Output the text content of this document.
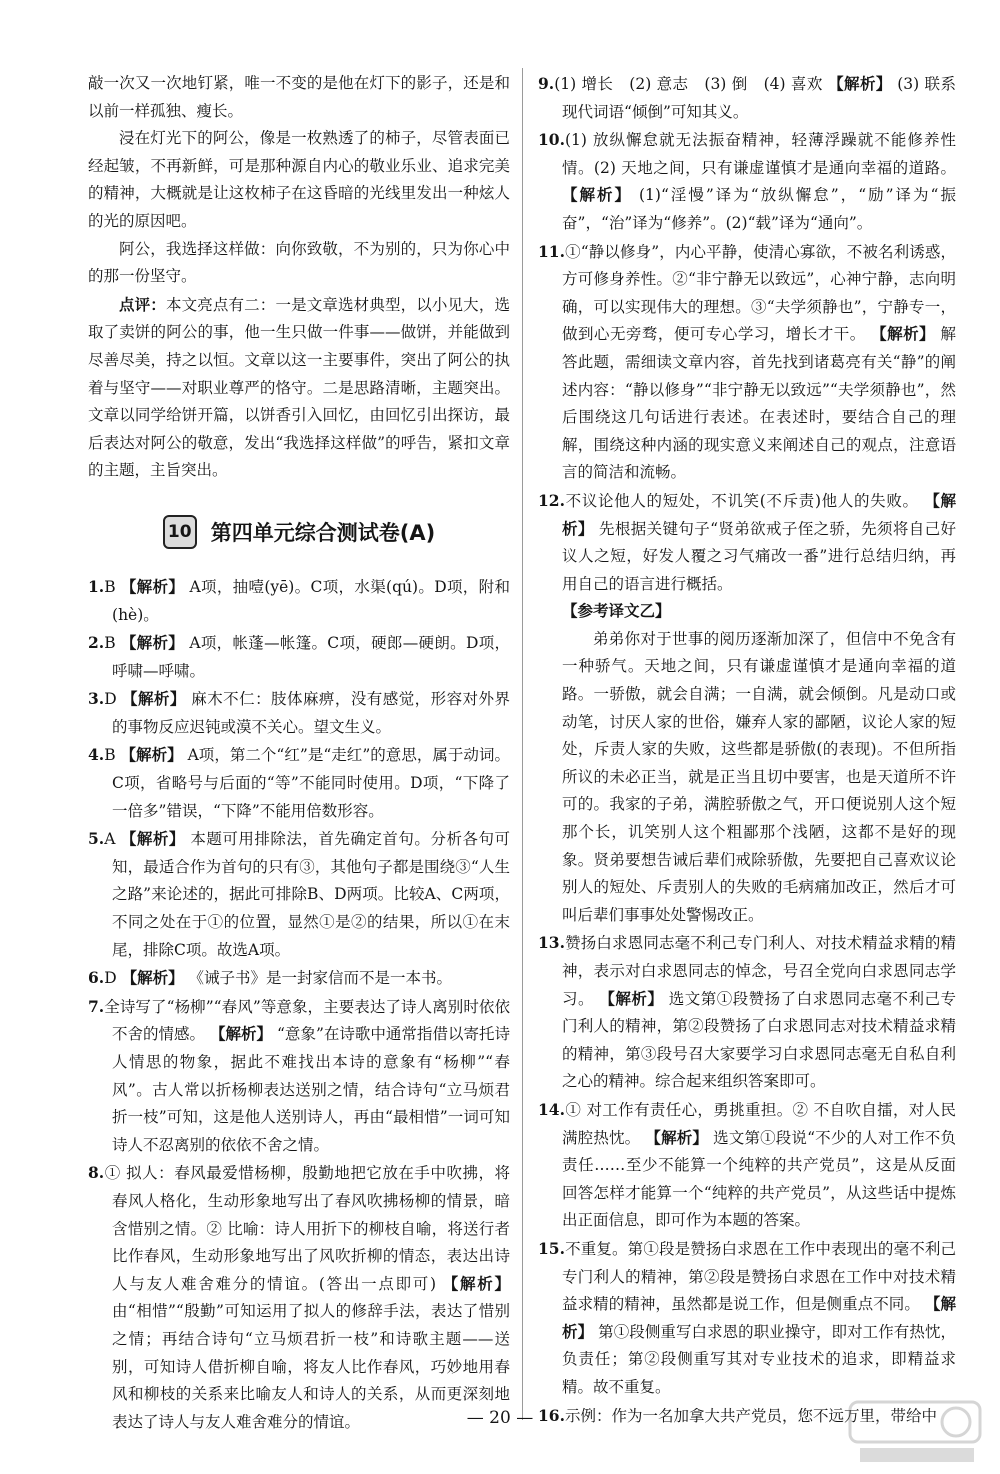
敲一次又一次地钉紧，唯一不变的是他在灯下的影子，还是和以前一样孤独、瘦长。

浸在灯光下的阿公，像是一枚熟透了的柿子，尽管表面已经起皱，不再新鲜，可是那种源自内心的敬业乐业、追求完美的精神，大概就是让这枚柿子在这昏暗的光线里发出一种炫人的光的原因吧。

阿公，我选择这样做：向你致敬，不为别的，只为你心中的那一份坚守。

点评：本文亮点有二：一是文章选材典型，以小见大，选取了卖饼的阿公的事，他一生只做一件事——做饼，并能做到尽善尽美，持之以恒。文章以这一主要事件，突出了阿公的执着与坚守——对职业尊严的恪守。二是思路清晰，主题突出。文章以同学给饼开篇，以饼香引入回忆，由回忆引出探访，最后表达对阿公的敬意，发出“我选择这样做”的呼告，紧扣文章的主题，主旨突出。

10 第四单元综合测试卷(A)

1.B 【解析】 A项，抽噎(yē)。C项，水渠(qú)。D项，附和(hè)。

2.B 【解析】 A项，帐蓬—帐篷。C项，硬郎—硬朗。D项，呼啸—呼啸。

3.D 【解析】 麻木不仁：肢体麻痹，没有感觉，形容对外界的事物反应迟钝或漠不关心。望文生义。

4.B 【解析】 A项，第二个“红”是“走红”的意思，属于动词。C项，省略号与后面的“等”不能同时使用。D项，“下降了一倍多”错误，“下降”不能用倍数形容。

5.A 【解析】 本题可用排除法，首先确定首句。分析各句可知，最适合作为首句的只有③，其他句子都是围绕③“人生之路”来论述的，据此可排除B、D两项。比较A、C两项，不同之处在于①的位置，显然①是②的结果，所以①在末尾，排除C项。故选A项。

6.D 【解析】 《诫子书》是一封家信而不是一本书。

7.全诗写了“杨柳”“春风”等意象，主要表达了诗人离别时依依不舍的情感。 【解析】 “意象”在诗歌中通常指借以寄托诗人情思的物象，据此不难找出本诗的意象有“杨柳”“春风”。古人常以折杨柳表达送别之情，结合诗句“立马烦君折一枝”可知，这是他人送别诗人，再由“最相惜”一词可知诗人不忍离别的依依不舍之情。

8.① 拟人：春风最爱惜杨柳，殷勤地把它放在手中吹拂，将春风人格化，生动形象地写出了春风吹拂杨柳的情景，暗含惜别之情。② 比喻：诗人用折下的柳枝自喻，将送行者比作春风，生动形象地写出了风吹折柳的情态，表达出诗人与友人难舍难分的情谊。(答出一点即可) 【解析】 由“相惜”“殷勤”可知运用了拟人的修辞手法，表达了惜别之情；再结合诗句“立马烦君折一枝”和诗歌主题——送别，可知诗人借折柳自喻，将友人比作春风，巧妙地用春风和柳枝的关系来比喻友人和诗人的关系，从而更深刻地表达了诗人与友人难舍难分的情谊。

9.(1) 增长　(2) 意志　(3) 倒　(4) 喜欢 【解析】 (3) 联系现代词语“倾倒”可知其义。

10.(1) 放纵懈怠就无法振奋精神，轻薄浮躁就不能修养性情。(2) 天地之间，只有谦虚谨慎才是通向幸福的道路。 【解析】 (1)“淫慢”译为“放纵懈怠”，“励”译为“振奋”，“治”译为“修养”。(2)“载”译为“通向”。

11.①“静以修身”，内心平静，使清心寡欲，不被名利诱惑，方可修身养性。②“非宁静无以致远”，心神宁静，志向明确，可以实现伟大的理想。③“夫学须静也”，宁静专一，做到心无旁骛，便可专心学习，增长才干。 【解析】 解答此题，需细读文章内容，首先找到诸葛亮有关“静”的阐述内容：“静以修身”“非宁静无以致远”“夫学须静也”，然后围绕这几句话进行表述。在表述时，要结合自己的理解，围绕这种内涵的现实意义来阐述自己的观点，注意语言的简洁和流畅。

12.不议论他人的短处，不讥笑(不斥责)他人的失败。 【解析】 先根据关键句子“贤弟欲戒子侄之骄，先须将自己好议人之短，好发人覆之习气痛改一番”进行总结归纳，再用自己的语言进行概括。

【参考译文乙】

弟弟你对于世事的阅历逐渐加深了，但信中不免含有一种骄气。天地之间，只有谦虚谨慎才是通向幸福的道路。一骄傲，就会自满；一自满，就会倾倒。凡是动口或动笔，讨厌人家的世俗，嫌弃人家的鄙陋，议论人家的短处，斥责人家的失败，这些都是骄傲(的表现)。不但所指所议的未必正当，就是正当且切中要害，也是天道所不许可的。我家的子弟，满腔骄傲之气，开口便说别人这个短那个长，讥笑别人这个粗鄙那个浅陋，这都不是好的现象。贤弟要想告诫后辈们戒除骄傲，先要把自己喜欢议论别人的短处、斥责别人的失败的毛病痛加改正，然后才可叫后辈们事事处处警惕改正。

13.赞扬白求恩同志毫不利己专门利人、对技术精益求精的精神，表示对白求恩同志的悼念，号召全党向白求恩同志学习。 【解析】 选文第①段赞扬了白求恩同志毫不利己专门利人的精神，第②段赞扬了白求恩同志对技术精益求精的精神，第③段号召大家要学习白求恩同志毫无自私自利之心的精神。综合起来组织答案即可。

14.① 对工作有责任心，勇挑重担。② 不自吹自擂，对人民满腔热忱。 【解析】 选文第①段说“不少的人对工作不负责任……至少不能算一个纯粹的共产党员”，这是从反面回答怎样才能算一个“纯粹的共产党员”，从这些话中提炼出正面信息，即可作为本题的答案。

15.不重复。第①段是赞扬白求恩在工作中表现出的毫不利己专门利人的精神，第②段是赞扬白求恩在工作中对技术精益求精的精神，虽然都是说工作，但是侧重点不同。 【解析】 第①段侧重写白求恩的职业操守，即对工作有热忱，负责任；第②段侧重写其对专业技术的追求，即精益求精。故不重复。

16.示例：作为一名加拿大共产党员，您不远万里，带给中

— 20 —
